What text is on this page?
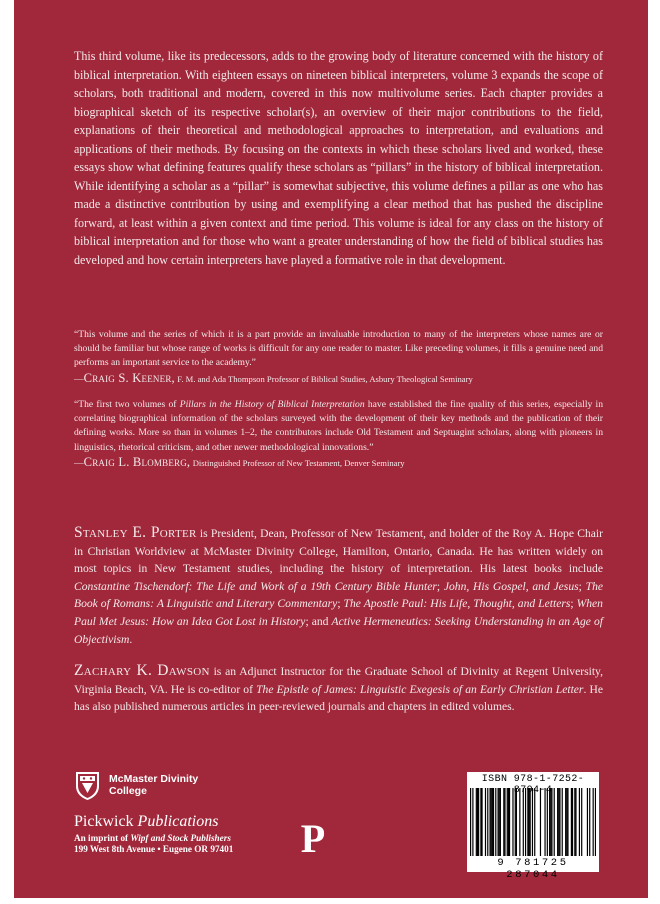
This third volume, like its predecessors, adds to the growing body of literature concerned with the history of biblical interpretation. With eighteen essays on nineteen biblical interpreters, volume 3 expands the scope of scholars, both traditional and modern, covered in this now multivolume series. Each chapter provides a biographical sketch of its respective scholar(s), an overview of their major contributions to the field, explanations of their theoretical and methodological approaches to interpretation, and evaluations and applications of their methods. By focusing on the contexts in which these scholars lived and worked, these essays show what defining features qualify these scholars as “pillars” in the history of biblical interpretation. While identifying a scholar as a “pillar” is somewhat subjective, this volume defines a pillar as one who has made a distinctive contribution by using and exemplifying a clear method that has pushed the discipline forward, at least within a given context and time period. This volume is ideal for any class on the history of biblical interpretation and for those who want a greater understanding of how the field of biblical studies has developed and how certain interpreters have played a formative role in that development.

“This volume and the series of which it is a part provide an invaluable introduction to many of the interpreters whose names are or should be familiar but whose range of works is difficult for any one reader to master. Like preceding volumes, it fills a genuine need and performs an important service to the academy.”
—Craig S. Keener, F. M. and Ada Thompson Professor of Biblical Studies, Asbury Theological Seminary

“The first two volumes of Pillars in the History of Biblical Interpretation have established the fine quality of this series, especially in correlating biographical information of the scholars surveyed with the development of their key methods and the publication of their defining works. More so than in volumes 1–2, the contributors include Old Testament and Septuagint scholars, along with pioneers in linguistics, rhetorical criticism, and other newer methodological innovations.”
—Craig L. Blomberg, Distinguished Professor of New Testament, Denver Seminary

Stanley E. Porter is President, Dean, Professor of New Testament, and holder of the Roy A. Hope Chair in Christian Worldview at McMaster Divinity College, Hamilton, Ontario, Canada. He has written widely on most topics in New Testament studies, including the history of interpretation. His latest books include Constantine Tischendorf: The Life and Work of a 19th Century Bible Hunter; John, His Gospel, and Jesus; The Book of Romans: A Linguistic and Literary Commentary; The Apostle Paul: His Life, Thought, and Letters; When Paul Met Jesus: How an Idea Got Lost in History; and Active Hermeneutics: Seeking Understanding in an Age of Objectivism.

Zachary K. Dawson is an Adjunct Instructor for the Graduate School of Divinity at Regent University, Virginia Beach, VA. He is co-editor of The Epistle of James: Linguistic Exegesis of an Early Christian Letter. He has also published numerous articles in peer-reviewed journals and chapters in edited volumes.

McMaster Divinity
College
Pickwick Publications
An imprint of Wipf and Stock Publishers
199 West 8th Avenue • Eugene OR 97401 P
ISBN 978-1-7252- 704-4
9 781725 287044
